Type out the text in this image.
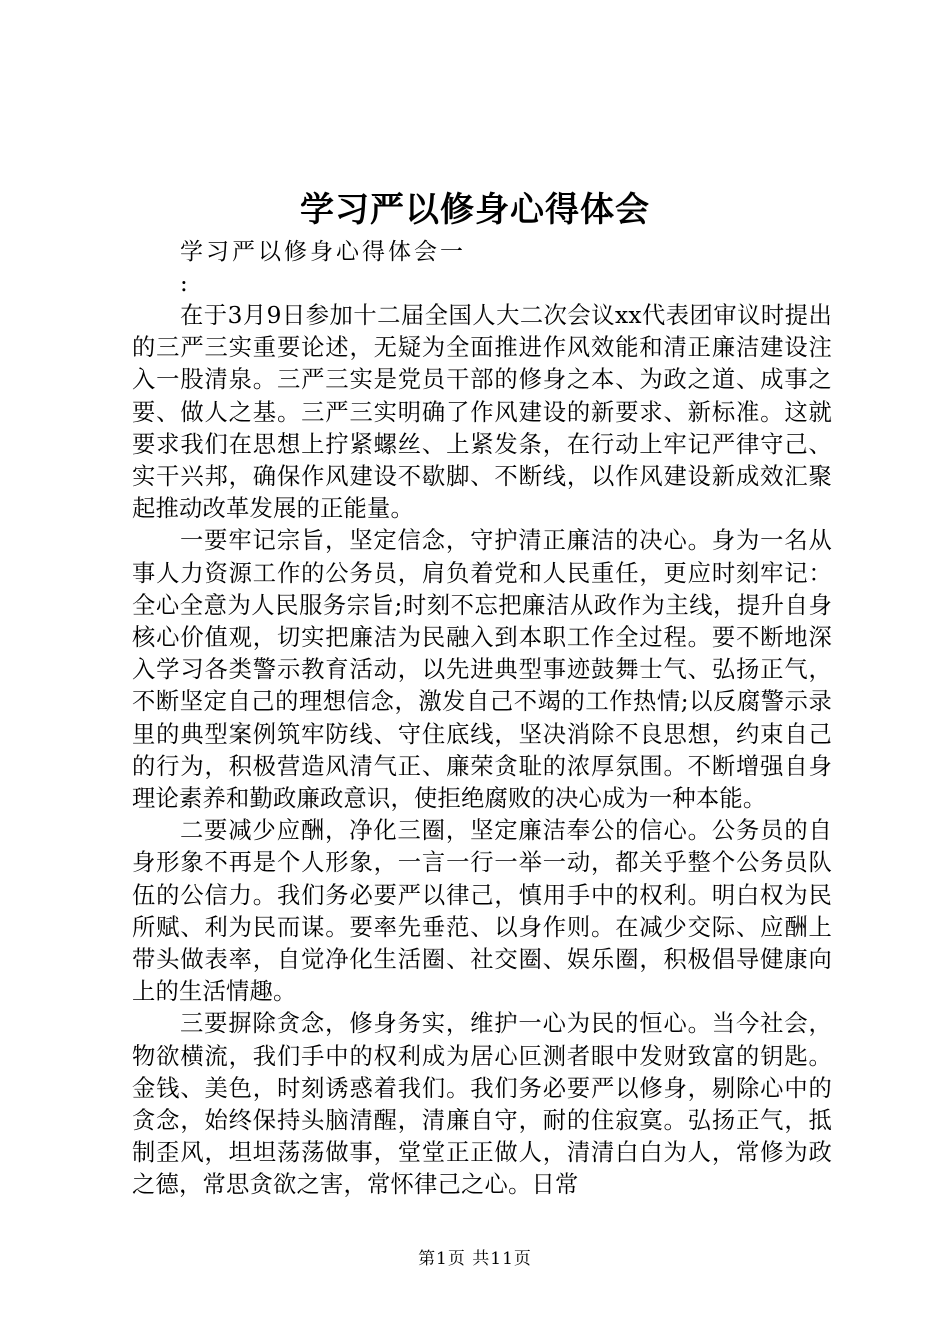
学习严以修身心得体会

学习严以修身心得体会一

:

在于3月9日参加十二届全国人大二次会议xx代表团审议时提出的三严三实重要论述，无疑为全面推进作风效能和清正廉洁建设注入一股清泉。三严三实是党员干部的修身之本、为政之道、成事之要、做人之基。三严三实明确了作风建设的新要求、新标准。这就要求我们在思想上拧紧螺丝、上紧发条，在行动上牢记严律守己、实干兴邦，确保作风建设不歇脚、不断线，以作风建设新成效汇聚起推动改革发展的正能量。

一要牢记宗旨，坚定信念，守护清正廉洁的决心。身为一名从事人力资源工作的公务员，肩负着党和人民重任，更应时刻牢记：全心全意为人民服务宗旨;时刻不忘把廉洁从政作为主线，提升自身核心价值观，切实把廉洁为民融入到本职工作全过程。要不断地深入学习各类警示教育活动，以先进典型事迹鼓舞士气、弘扬正气，不断坚定自己的理想信念，激发自己不竭的工作热情;以反腐警示录里的典型案例筑牢防线、守住底线，坚决消除不良思想，约束自己的行为，积极营造风清气正、廉荣贪耻的浓厚氛围。不断增强自身理论素养和勤政廉政意识，使拒绝腐败的决心成为一种本能。

二要减少应酬，净化三圈，坚定廉洁奉公的信心。公务员的自身形象不再是个人形象，一言一行一举一动，都关乎整个公务员队伍的公信力。我们务必要严以律己，慎用手中的权利。明白权为民所赋、利为民而谋。要率先垂范、以身作则。在减少交际、应酬上带头做表率，自觉净化生活圈、社交圈、娱乐圈，积极倡导健康向上的生活情趣。

三要摒除贪念，修身务实，维护一心为民的恒心。当今社会，物欲横流，我们手中的权利成为居心叵测者眼中发财致富的钥匙。金钱、美色，时刻诱惑着我们。我们务必要严以修身，剔除心中的贪念，始终保持头脑清醒，清廉自守，耐的住寂寞。弘扬正气，抵制歪风，坦坦荡荡做事，堂堂正正做人，清清白白为人，常修为政之德，常思贪欲之害，常怀律己之心。日常

第1页 共11页
